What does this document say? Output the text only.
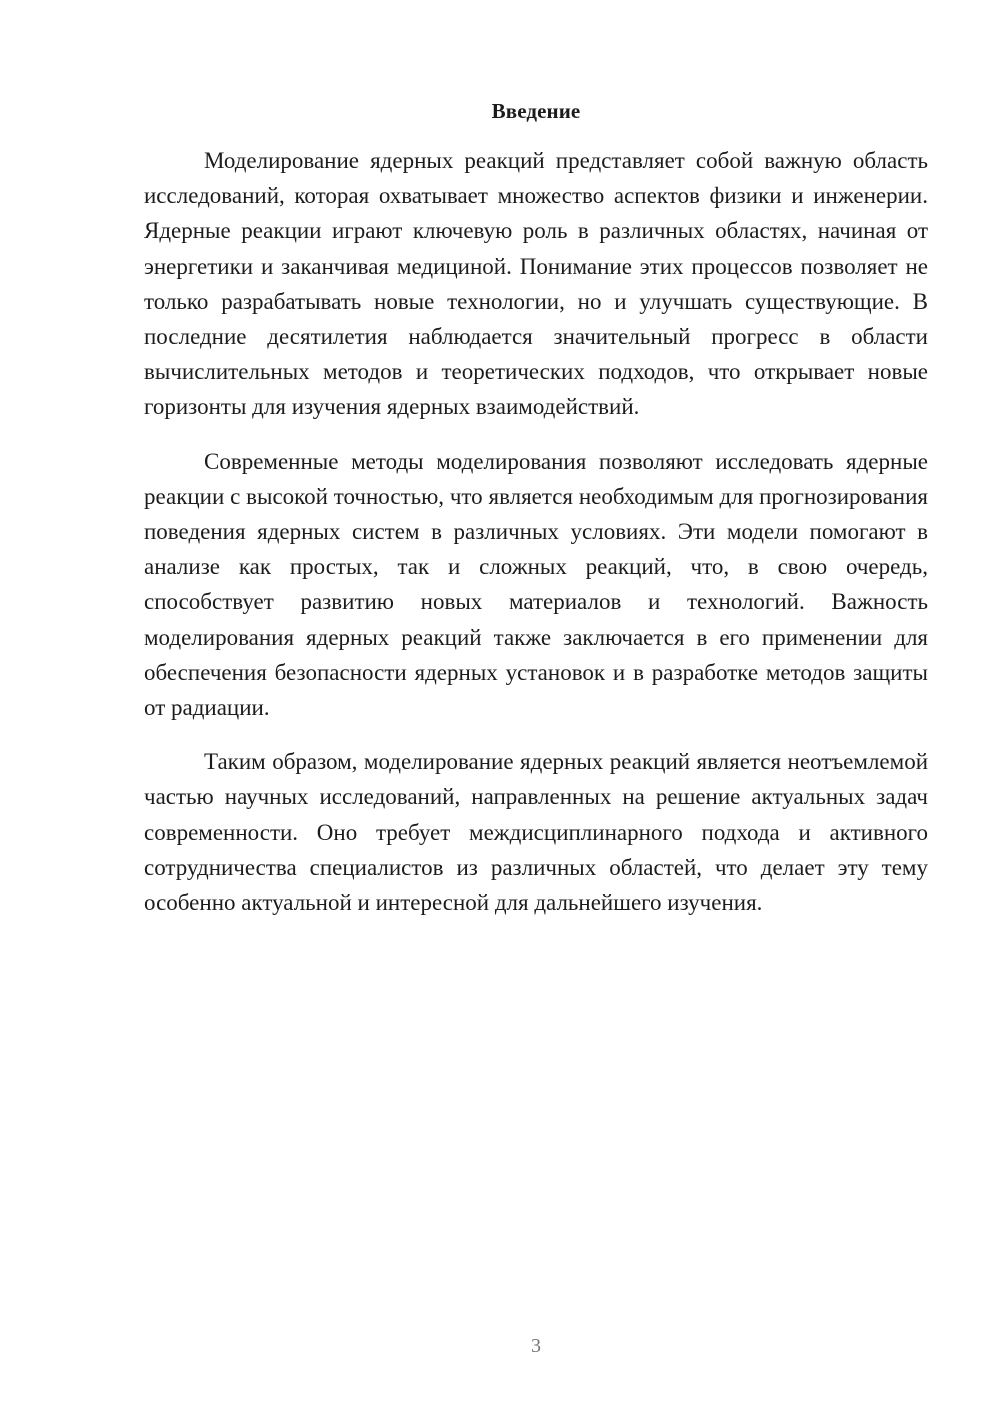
Введение

Моделирование ядерных реакций представляет собой важную область исследований, которая охватывает множество аспектов физики и инженерии. Ядерные реакции играют ключевую роль в различных областях, начиная от энергетики и заканчивая медициной. Понимание этих процессов позволяет не только разрабатывать новые технологии, но и улучшать существующие. В последние десятилетия наблюдается значительный прогресс в области вычислительных методов и теоретических подходов, что открывает новые горизонты для изучения ядерных взаимодействий.

Современные методы моделирования позволяют исследовать ядерные реакции с высокой точностью, что является необходимым для прогнозирования поведения ядерных систем в различных условиях. Эти модели помогают в анализе как простых, так и сложных реакций, что, в свою очередь, способствует развитию новых материалов и технологий. Важность моделирования ядерных реакций также заключается в его применении для обеспечения безопасности ядерных установок и в разработке методов защиты от радиации.

Таким образом, моделирование ядерных реакций является неотъемлемой частью научных исследований, направленных на решение актуальных задач современности. Оно требует междисциплинарного подхода и активного сотрудничества специалистов из различных областей, что делает эту тему особенно актуальной и интересной для дальнейшего изучения.

3
